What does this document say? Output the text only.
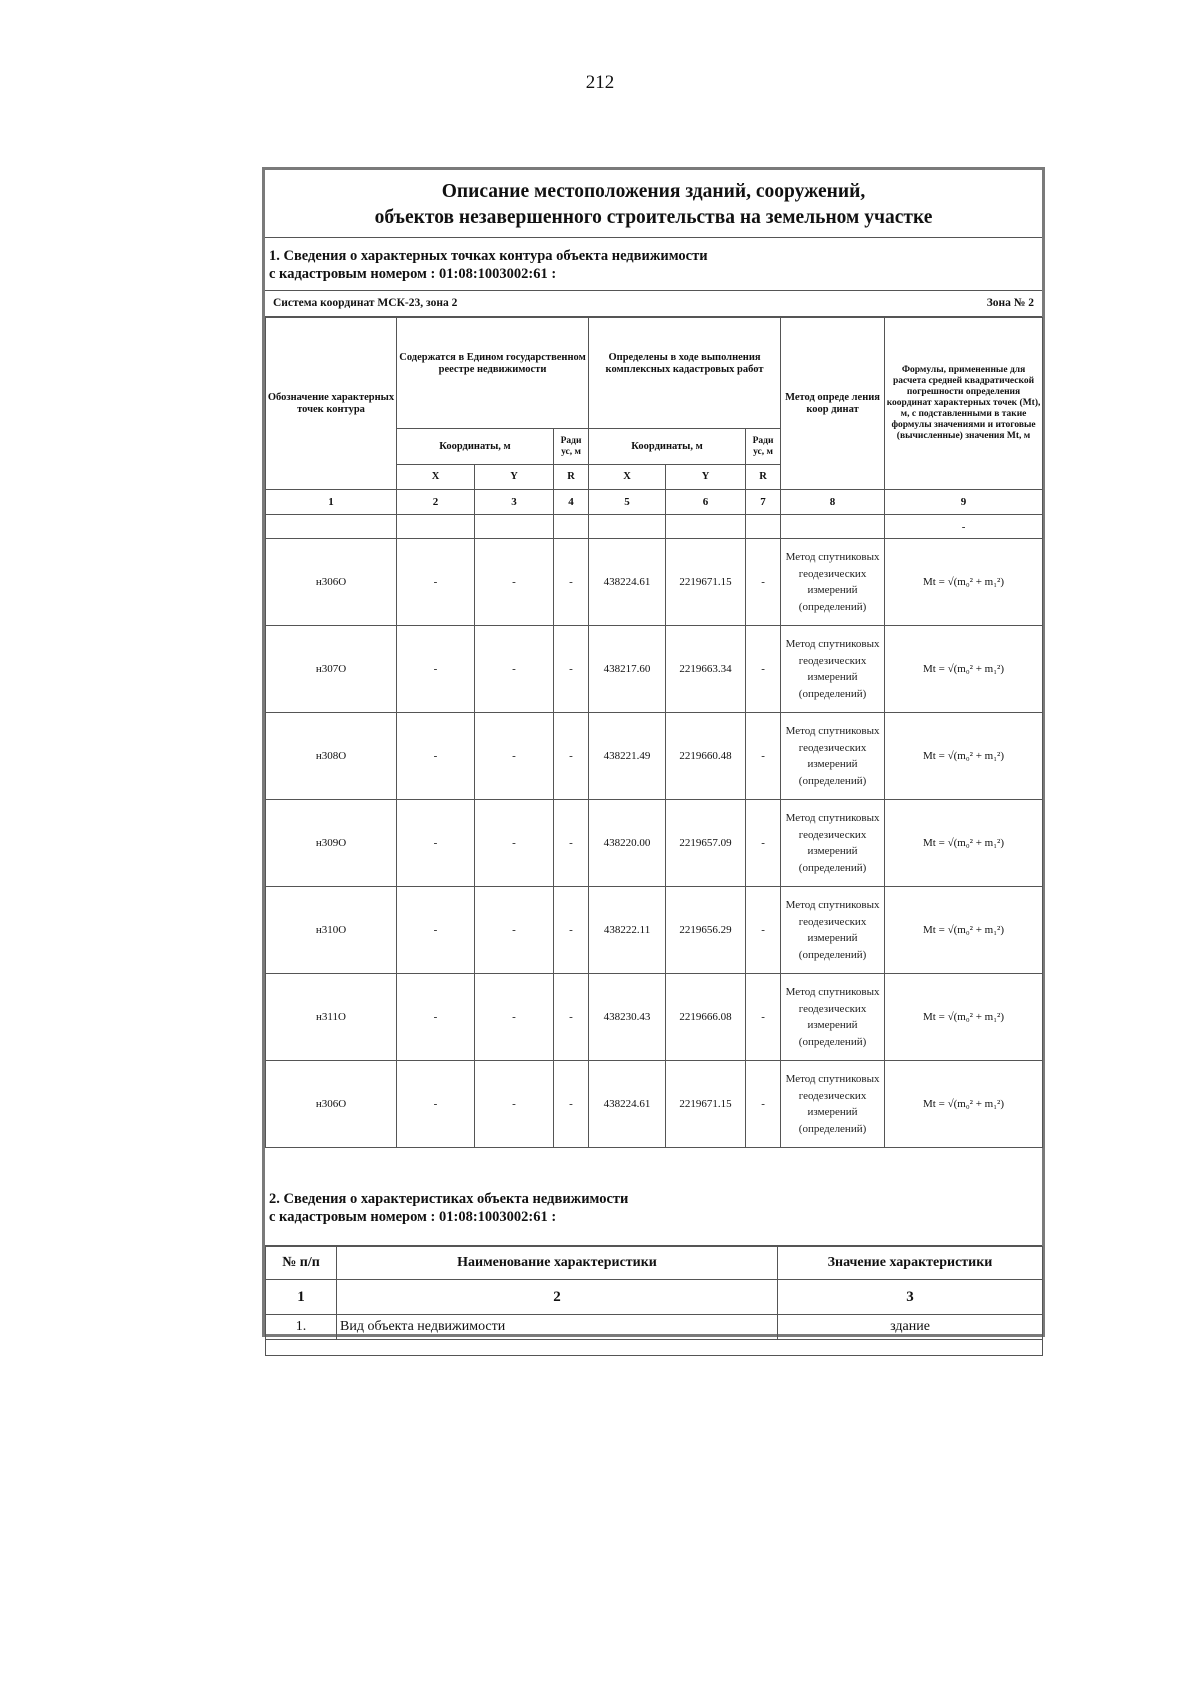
212
Описание местоположения зданий, сооружений,
объектов незавершенного строительства на земельном участке
1. Сведения о характерных точках контура объекта недвижимости
с кадастровым номером : 01:08:1003002:61 :
Система координат МСК-23, зона 2	Зона № 2
Обозначение характерных точек контура	Содержатся в Едином государственном реестре недвижимости			Определены в ходе выполнения комплексных кадастровых работ			Метод опреде ления коор динат	Формулы, примененные для расчета средней квадратической погрешности определения координат характерных точек (Mt), м, с подставленными в такие формулы значениями и итоговые (вычисленные) значения Mt, м
	Координаты, м		Ради ус, м	Координаты, м		Ради ус, м		
	X	Y	R	X	Y	R		
1	2	3	4	5	6	7	8	9
								-
н306О	-	-	-	438224.61	2219671.15	-	Метод спутниковых геодезических измерений (определений)	Mt = √(m₀² + m₁²)
н307О	-	-	-	438217.60	2219663.34	-	Метод спутниковых геодезических измерений (определений)	Mt = √(m₀² + m₁²)
н308О	-	-	-	438221.49	2219660.48	-	Метод спутниковых геодезических измерений (определений)	Mt = √(m₀² + m₁²)
н309О	-	-	-	438220.00	2219657.09	-	Метод спутниковых геодезических измерений (определений)	Mt = √(m₀² + m₁²)
н310О	-	-	-	438222.11	2219656.29	-	Метод спутниковых геодезических измерений (определений)	Mt = √(m₀² + m₁²)
н311О	-	-	-	438230.43	2219666.08	-	Метод спутниковых геодезических измерений (определений)	Mt = √(m₀² + m₁²)
н306О	-	-	-	438224.61	2219671.15	-	Метод спутниковых геодезических измерений (определений)	Mt = √(m₀² + m₁²)
2. Сведения о характеристиках объекта недвижимости
с кадастровым номером : 01:08:1003002:61 :
№ п/п	Наименование характеристики	Значение характеристики
1	2	3
1.	Вид объекта недвижимости	здание
